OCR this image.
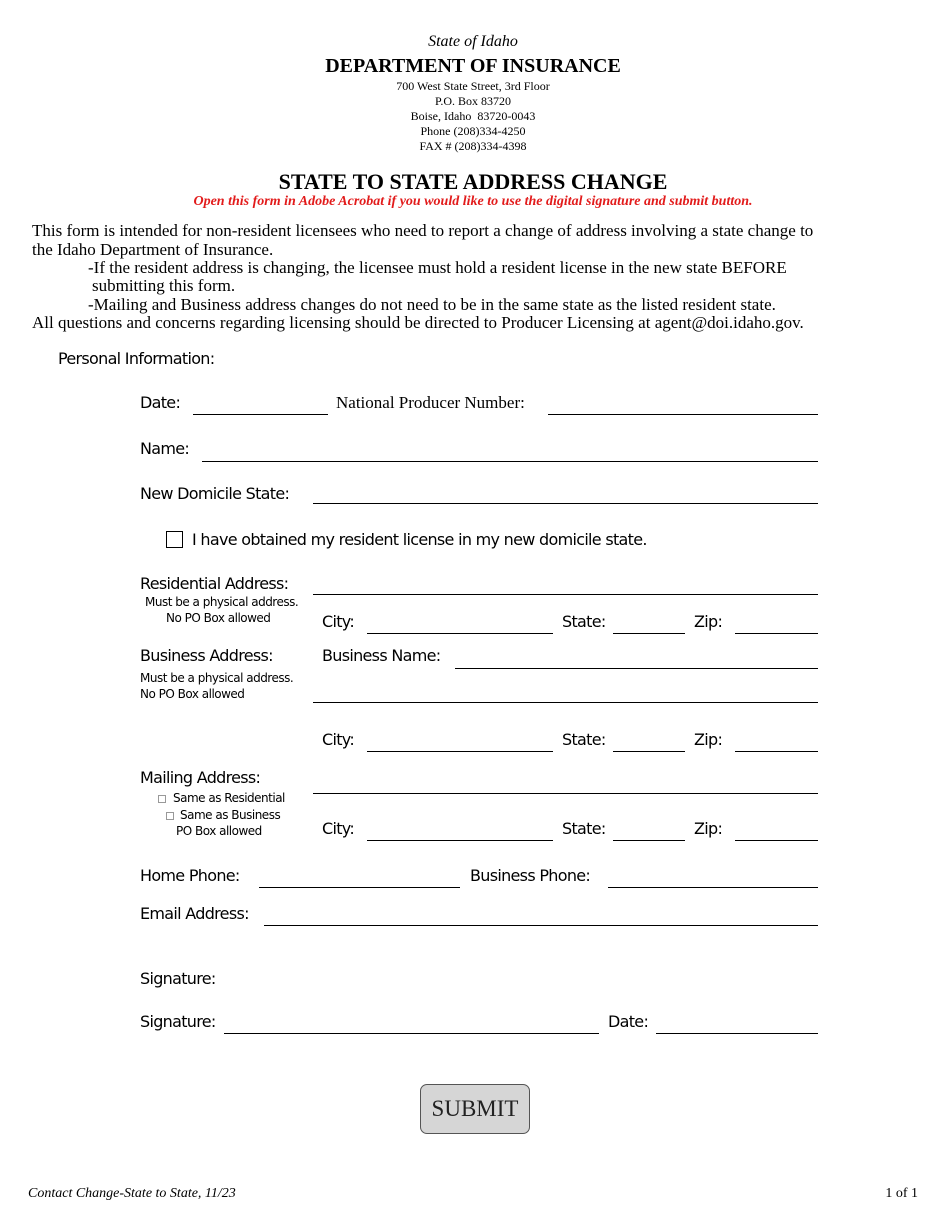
State of Idaho
DEPARTMENT OF INSURANCE
700 West State Street, 3rd Floor
P.O. Box 83720
Boise, Idaho  83720-0043
Phone (208)334-4250
FAX # (208)334-4398
STATE TO STATE ADDRESS CHANGE
Open this form in Adobe Acrobat if you would like to use the digital signature and submit button.
This form is intended for non-resident licensees who need to report a change of address involving a state change to
the Idaho Department of Insurance.
-If the resident address is changing, the licensee must hold a resident license in the new state BEFORE
submitting this form.
-Mailing and Business address changes do not need to be in the same state as the listed resident state.
All questions and concerns regarding licensing should be directed to Producer Licensing at agent@doi.idaho.gov.
Personal Information:
Date:	National Producer Number:
Name:
New Domicile State:
I have obtained my resident license in my new domicile state.
Residential Address:
Must be a physical address.
No PO Box allowed	City:	State:	Zip:
Business Address:
Must be a physical address.
No PO Box allowed
Business Name:
City:	State:	Zip:
Mailing Address:
Same as Residential
Same as Business
PO Box allowed	City:	State:	Zip:
Home Phone:	Business Phone:
Email Address:
Signature:
Signature:	Date:
SUBMIT
Contact Change-State to State, 11/23	1 of 1
